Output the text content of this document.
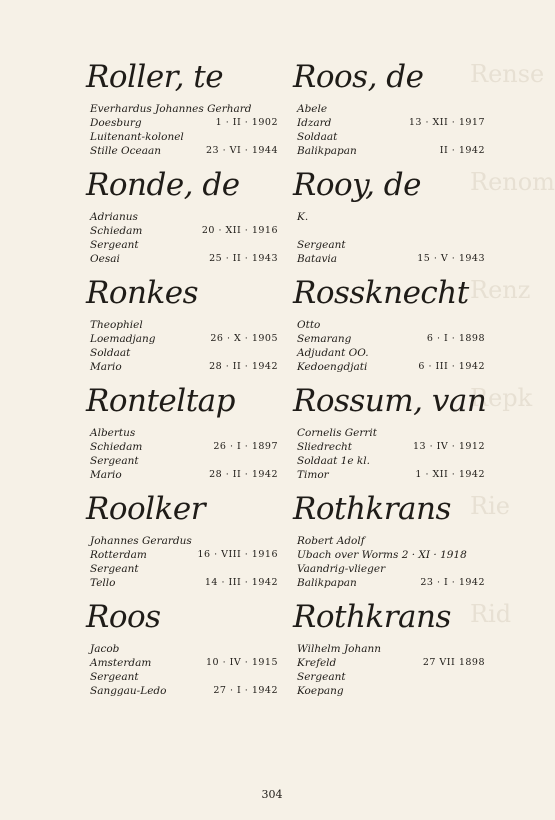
Rense
Renom
Renz
Repk
Rie
Rid
Roller, te
Everhardus Johannes Gerhard
Doesburg	1 · II · 1902
Luitenant-kolonel
Stille Oceaan	23 · VI · 1944
Ronde, de
Adrianus
Schiedam	20 · XII · 1916
Sergeant
Oesai	25 · II · 1943
Ronkes
Theophiel
Loemadjang	26 · X · 1905
Soldaat
Mario	28 · II · 1942
Ronteltap
Albertus
Schiedam	26 · I · 1897
Sergeant
Mario	28 · II · 1942
Roolker
Johannes Gerardus
Rotterdam	16 · VIII · 1916
Sergeant
Tello	14 · III · 1942
Roos
Jacob
Amsterdam	10 · IV · 1915
Sergeant
Sanggau-Ledo	27 · I · 1942
Roos, de
Abele
Idzard	13 · XII · 1917
Soldaat
Balikpapan	II · 1942
Rooy, de
K.

Sergeant
Batavia	15 · V · 1943
Rossknecht
Otto
Semarang	6 · I · 1898
Adjudant OO.
Kedoengdjati	6 · III · 1942
Rossum, van
Cornelis Gerrit
Sliedrecht	13 · IV · 1912
Soldaat 1e kl.
Timor	1 · XII · 1942
Rothkrans
Robert Adolf
Ubach over Worms 2 · XI · 1918
Vaandrig-vlieger
Balikpapan	23 · I · 1942
Rothkrans
Wilhelm Johann
Krefeld	27 VII 1898
Sergeant
Koepang
304
